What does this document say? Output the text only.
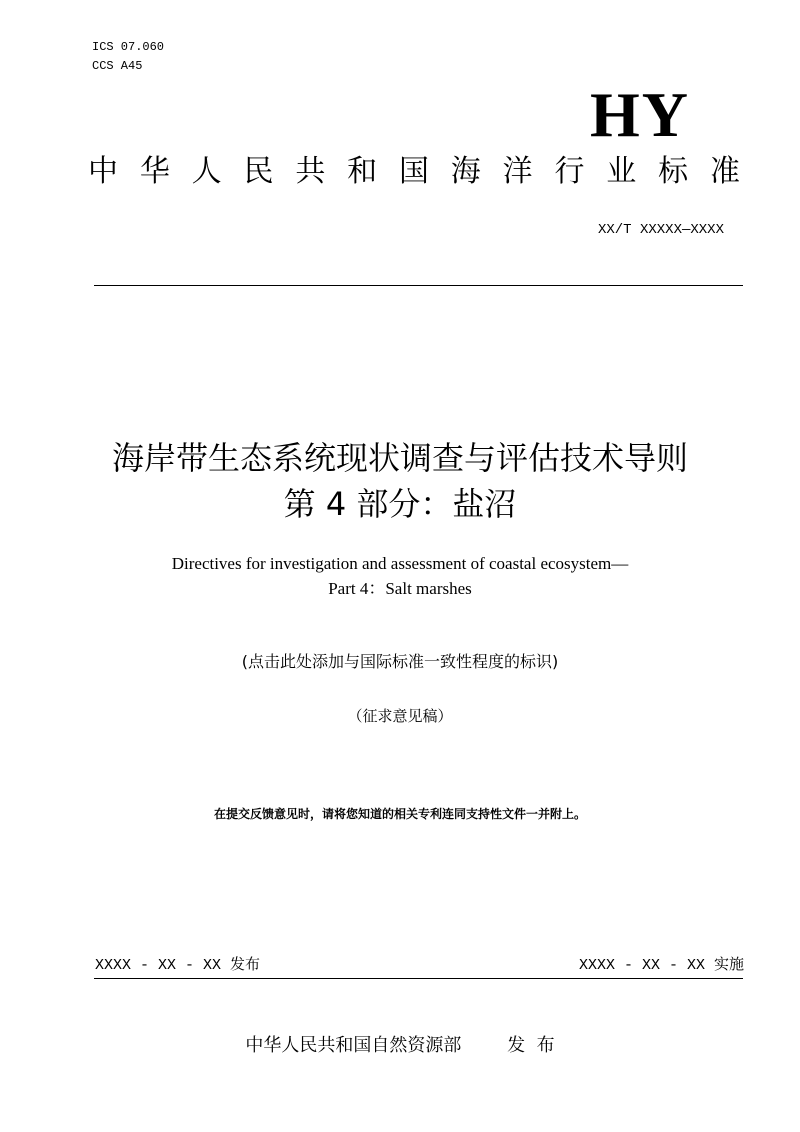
ICS 07.060
CCS A45
HY
中 华 人 民 共 和 国 海 洋 行 业 标 准
XX/T XXXXX—XXXX
海岸带生态系统现状调查与评估技术导则
第 4 部分：盐沼
Directives for investigation and assessment of coastal ecosystem—
Part 4：Salt marshes
(点击此处添加与国际标准一致性程度的标识)
（征求意见稿）
在提交反馈意见时，请将您知道的相关专利连同支持性文件一并附上。
XXXX - XX - XX 发布	XXXX - XX - XX 实施
中华人民共和国自然资源部        发  布
